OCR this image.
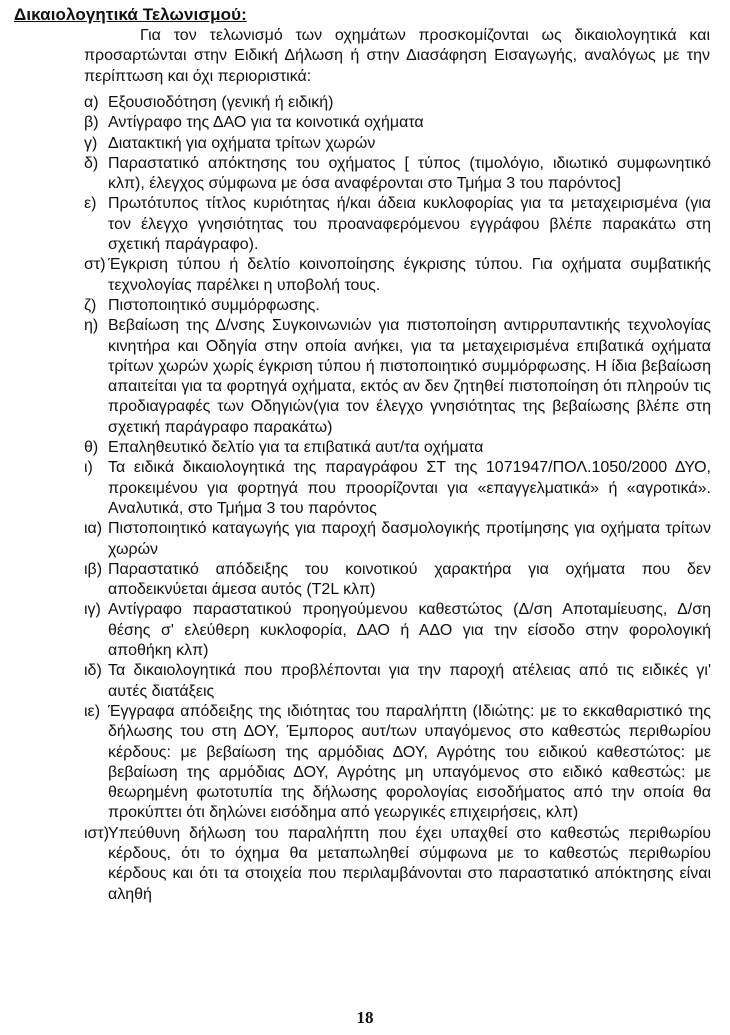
Δικαιολογητικά Τελωνισμού:
Για τον τελωνισμό των οχημάτων προσκομίζονται ως δικαιολογητικά και προσαρτώνται στην Ειδική Δήλωση ή στην Διασάφηση Εισαγωγής, αναλόγως με την περίπτωση και όχι περιοριστικά:
α) Εξουσιοδότηση (γενική ή ειδική)
β) Αντίγραφο της ΔΑΟ για τα κοινοτικά οχήματα
γ) Διατακτική για οχήματα τρίτων χωρών
δ) Παραστατικό απόκτησης του οχήματος [ τύπος (τιμολόγιο, ιδιωτικό συμφωνητικό κλπ), έλεγχος σύμφωνα με όσα αναφέρονται στο Τμήμα 3 του παρόντος]
ε) Πρωτότυπος τίτλος κυριότητας ή/και άδεια κυκλοφορίας για τα μεταχειρισμένα (για τον έλεγχο γνησιότητας του προαναφερόμενου εγγράφου βλέπε παρακάτω στη σχετική παράγραφο).
στ) Έγκριση τύπου ή δελτίο κοινοποίησης έγκρισης τύπου. Για οχήματα συμβατικής τεχνολογίας παρέλκει η υποβολή τους.
ζ) Πιστοποιητικό συμμόρφωσης.
η) Βεβαίωση της Δ/νσης Συγκοινωνιών για πιστοποίηση αντιρρυπαντικής τεχνολογίας κινητήρα και Οδηγία στην οποία ανήκει, για τα μεταχειρισμένα επιβατικά οχήματα τρίτων χωρών χωρίς έγκριση τύπου ή πιστοποιητικό συμμόρφωσης. Η ίδια βεβαίωση απαιτείται για τα φορτηγά οχήματα, εκτός αν δεν ζητηθεί πιστοποίηση ότι πληρούν τις προδιαγραφές των Οδηγιών(για τον έλεγχο γνησιότητας της βεβαίωσης βλέπε στη σχετική παράγραφο παρακάτω)
θ) Επαληθευτικό δελτίο για τα επιβατικά αυτ/τα οχήματα
ι) Τα ειδικά δικαιολογητικά της παραγράφου ΣΤ της 1071947/ΠΟΛ.1050/2000 ΔΥΟ, προκειμένου για φορτηγά που προορίζονται για «επαγγελματικά» ή «αγροτικά». Αναλυτικά, στο Τμήμα 3 του παρόντος
ια) Πιστοποιητικό καταγωγής για παροχή δασμολογικής προτίμησης για οχήματα τρίτων χωρών
ιβ) Παραστατικό απόδειξης του κοινοτικού χαρακτήρα για οχήματα που δεν αποδεικνύεται άμεσα αυτός (T2L κλπ)
ιγ) Αντίγραφο παραστατικού προηγούμενου καθεστώτος (Δ/ση Αποταμίευσης, Δ/ση θέσης σ' ελεύθερη κυκλοφορία, ΔΑΟ ή ΑΔΟ για την είσοδο στην φορολογική αποθήκη κλπ)
ιδ) Τα δικαιολογητικά που προβλέπονται για την παροχή ατέλειας από τις ειδικές γι' αυτές διατάξεις
ιε) Έγγραφα απόδειξης της ιδιότητας του παραλήπτη (Ιδιώτης: με το εκκαθαριστικό της δήλωσης του στη ΔΟΥ, Έμπορος αυτ/των υπαγόμενος στο καθεστώς περιθωρίου κέρδους: με βεβαίωση της αρμόδιας ΔΟΥ, Αγρότης του ειδικού καθεστώτος: με βεβαίωση της αρμόδιας ΔΟΥ, Αγρότης μη υπαγόμενος στο ειδικό καθεστώς: με θεωρημένη φωτοτυπία της δήλωσης φορολογίας εισοδήματος από την οποία θα προκύπτει ότι δηλώνει εισόδημα από γεωργικές επιχειρήσεις, κλπ)
ιστ)
Υπεύθυνη δήλωση του παραλήπτη που έχει υπαχθεί στο καθεστώς περιθωρίου κέρδους, ότι το όχημα θα μεταπωληθεί σύμφωνα με το καθεστώς περιθωρίου κέρδους και ότι τα στοιχεία που περιλαμβάνονται στο παραστατικό απόκτησης είναι αληθή
18
